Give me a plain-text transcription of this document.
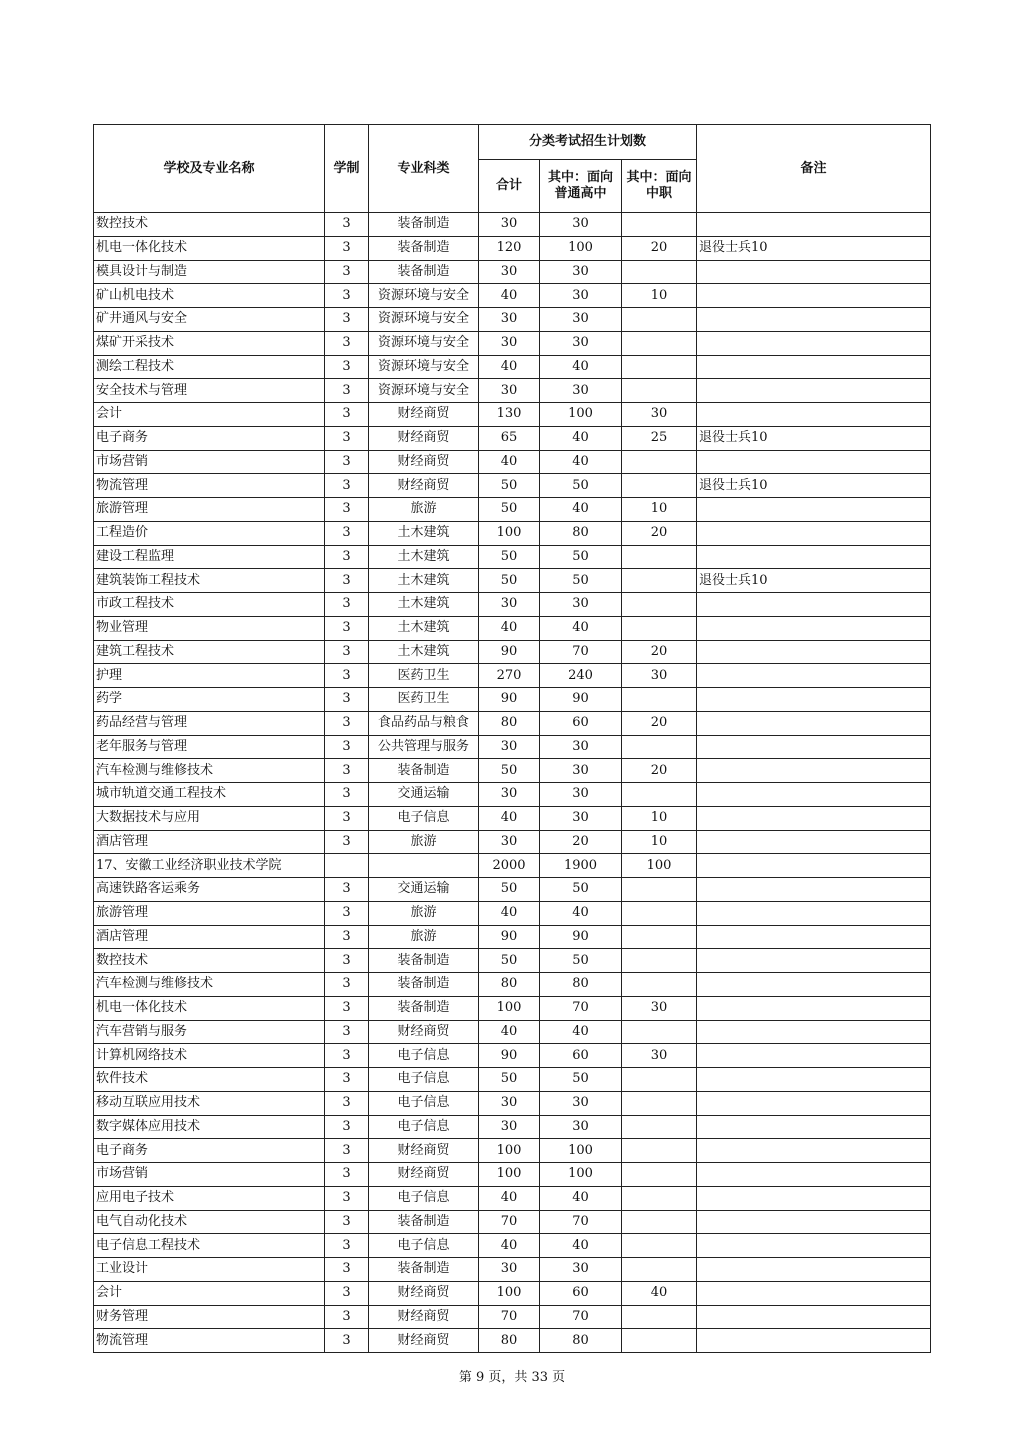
学校及专业名称	学制	专业科类	分类考试招生计划数			备注
			合计	其中：面向普通高中	其中：面向中职	
数控技术	3	装备制造	30	30		
机电一体化技术	3	装备制造	120	100	20	退役士兵10
模具设计与制造	3	装备制造	30	30		
矿山机电技术	3	资源环境与安全	40	30	10	
矿井通风与安全	3	资源环境与安全	30	30		
煤矿开采技术	3	资源环境与安全	30	30		
测绘工程技术	3	资源环境与安全	40	40		
安全技术与管理	3	资源环境与安全	30	30		
会计	3	财经商贸	130	100	30	
电子商务	3	财经商贸	65	40	25	退役士兵10
市场营销	3	财经商贸	40	40		
物流管理	3	财经商贸	50	50		退役士兵10
旅游管理	3	旅游	50	40	10	
工程造价	3	土木建筑	100	80	20	
建设工程监理	3	土木建筑	50	50		
建筑装饰工程技术	3	土木建筑	50	50		退役士兵10
市政工程技术	3	土木建筑	30	30		
物业管理	3	土木建筑	40	40		
建筑工程技术	3	土木建筑	90	70	20	
护理	3	医药卫生	270	240	30	
药学	3	医药卫生	90	90		
药品经营与管理	3	食品药品与粮食	80	60	20	
老年服务与管理	3	公共管理与服务	30	30		
汽车检测与维修技术	3	装备制造	50	30	20	
城市轨道交通工程技术	3	交通运输	30	30		
大数据技术与应用	3	电子信息	40	30	10	
酒店管理	3	旅游	30	20	10	
17、安徽工业经济职业技术学院			2000	1900	100	
高速铁路客运乘务	3	交通运输	50	50		
旅游管理	3	旅游	40	40		
酒店管理	3	旅游	90	90		
数控技术	3	装备制造	50	50		
汽车检测与维修技术	3	装备制造	80	80		
机电一体化技术	3	装备制造	100	70	30	
汽车营销与服务	3	财经商贸	40	40		
计算机网络技术	3	电子信息	90	60	30	
软件技术	3	电子信息	50	50		
移动互联应用技术	3	电子信息	30	30		
数字媒体应用技术	3	电子信息	30	30		
电子商务	3	财经商贸	100	100		
市场营销	3	财经商贸	100	100		
应用电子技术	3	电子信息	40	40		
电气自动化技术	3	装备制造	70	70		
电子信息工程技术	3	电子信息	40	40		
工业设计	3	装备制造	30	30		
会计	3	财经商贸	100	60	40	
财务管理	3	财经商贸	70	70		
物流管理	3	财经商贸	80	80		
第 9 页，共 33 页
